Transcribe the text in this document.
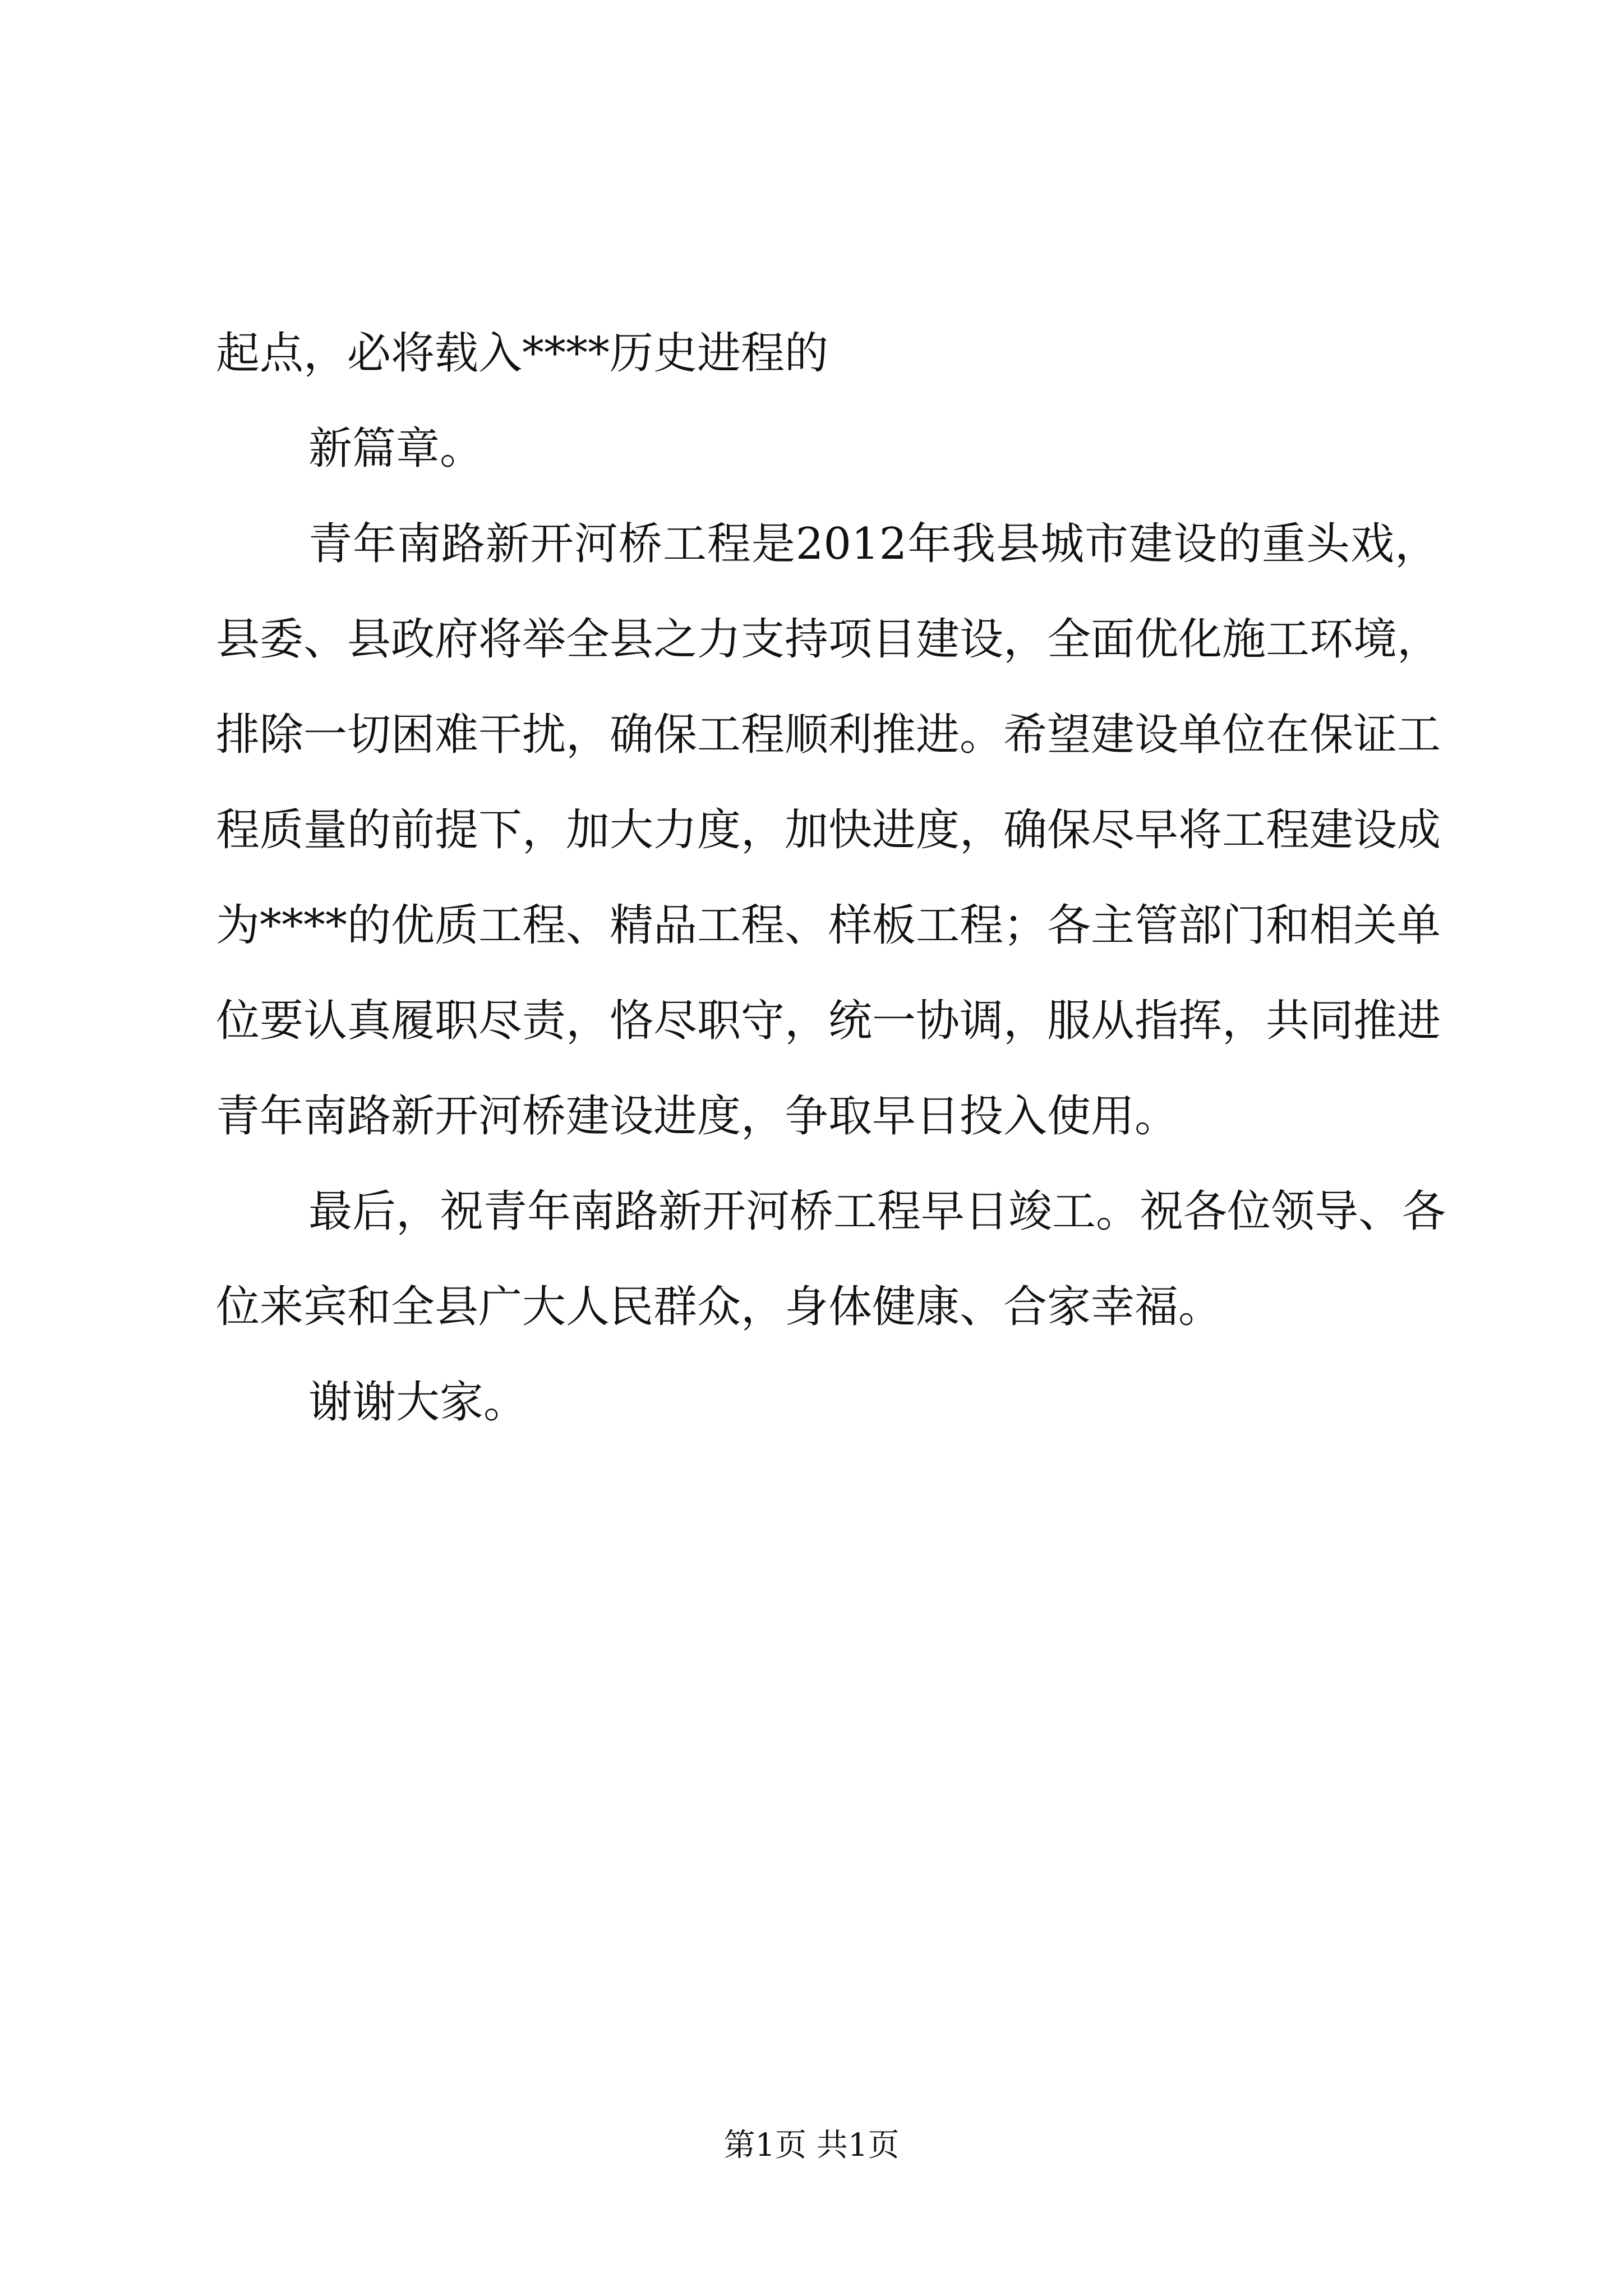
起点，必将载入****历史进程的
新篇章。
青年南路新开河桥工程是2012年我县城市建设的重头戏，
县委、县政府将举全县之力支持项目建设，全面优化施工环境，
排除一切困难干扰，确保工程顺利推进。希望建设单位在保证工
程质量的前提下，加大力度，加快进度，确保尽早将工程建设成
为****的优质工程、精品工程、样板工程；各主管部门和相关单
位要认真履职尽责，恪尽职守，统一协调，服从指挥，共同推进
青年南路新开河桥建设进度，争取早日投入使用。
最后，祝青年南路新开河桥工程早日竣工。祝各位领导、各
位来宾和全县广大人民群众，身体健康、合家幸福。
谢谢大家。
第1页 共1页
